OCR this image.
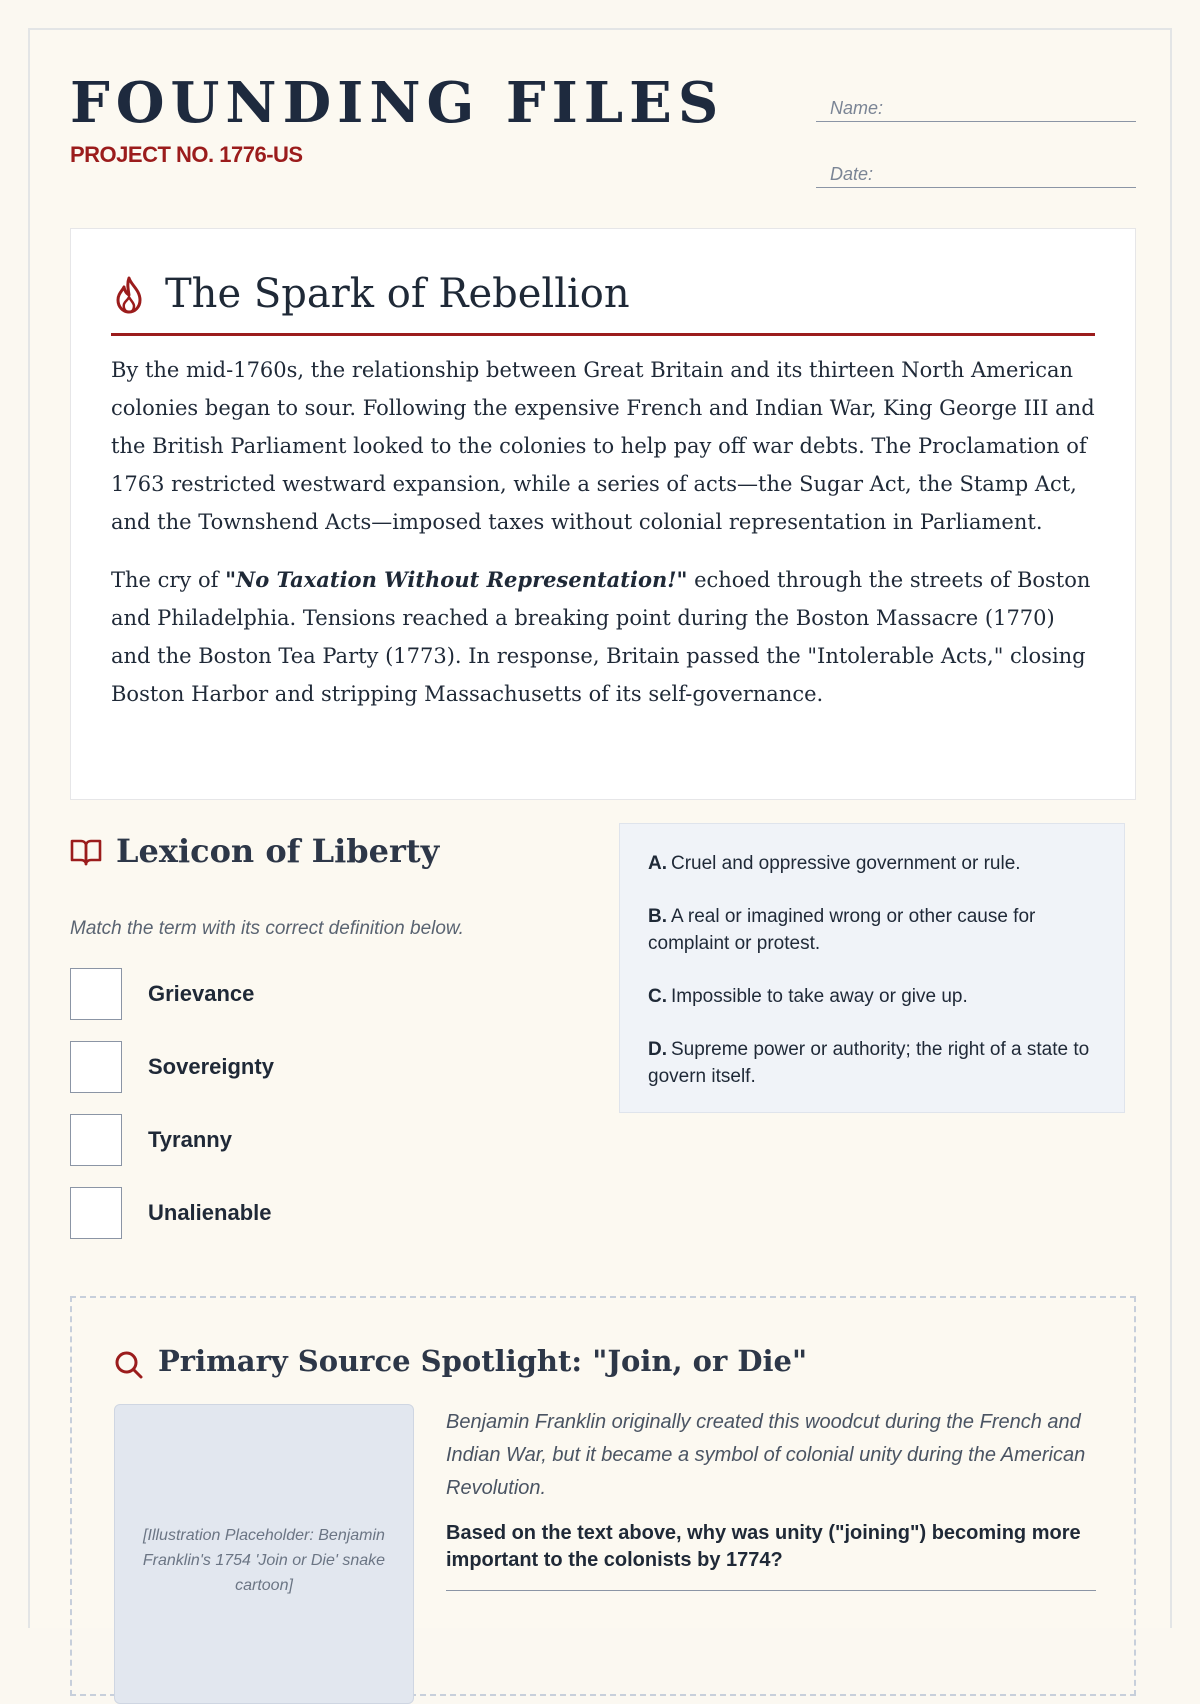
FOUNDING FILES
PROJECT NO. 1776-US
Name:
Date:
The Spark of Rebellion

By the mid-1760s, the relationship between Great Britain and its thirteen North American colonies began to sour. Following the expensive French and Indian War, King George III and the British Parliament looked to the colonies to help pay off war debts. The Proclamation of 1763 restricted westward expansion, while a series of acts—the Sugar Act, the Stamp Act, and the Townshend Acts—imposed taxes without colonial representation in Parliament.

The cry of "No Taxation Without Representation!" echoed through the streets of Boston and Philadelphia. Tensions reached a breaking point during the Boston Massacre (1770) and the Boston Tea Party (1773). In response, Britain passed the "Intolerable Acts," closing Boston Harbor and stripping Massachusetts of its self-governance.

Lexicon of Liberty
Match the term with its correct definition below.
Grievance
Sovereignty
Tyranny
Unalienable
A. Cruel and oppressive government or rule.
B. A real or imagined wrong or other cause for complaint or protest.
C. Impossible to take away or give up.
D. Supreme power or authority; the right of a state to govern itself.
Primary Source Spotlight: "Join, or Die"
[Illustration Placeholder: Benjamin Franklin's 1754 'Join or Die' snake cartoon]
Benjamin Franklin originally created this woodcut during the French and Indian War, but it became a symbol of colonial unity during the American Revolution.
Based on the text above, why was unity ("joining") becoming more important to the colonists by 1774?
